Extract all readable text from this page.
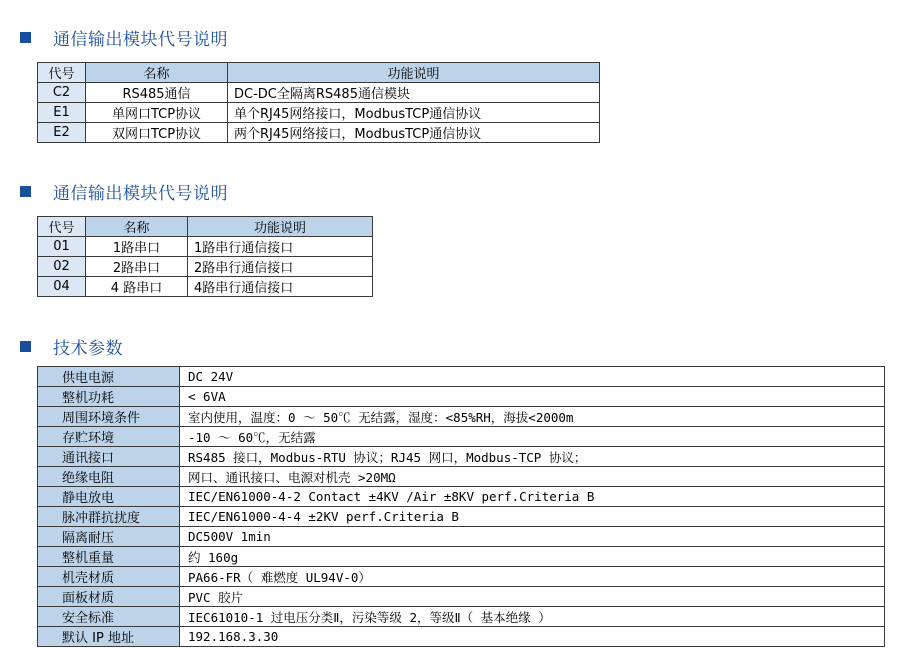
通信输出模块代号说明
代号	名称	功能说明
C2	RS485通信	DC-DC全隔离RS485通信模块
E1	单网口TCP协议	单个RJ45网络接口，ModbusTCP通信协议
E2	双网口TCP协议	两个RJ45网络接口，ModbusTCP通信协议
通信输出模块代号说明
代号	名称	功能说明
01	1路串口	1路串行通信接口
02	2路串口	2路串行通信接口
04	4 路串口	4路串行通信接口
技术参数
供电电源	DC 24V
整机功耗	< 6VA
周围环境条件	室内使用，温度：0 ～ 50℃ 无结露，湿度：<85%RH，海拔<2000m
存贮环境	-10 ～ 60℃，无结露
通讯接口	RS485 接口，Modbus-RTU 协议；RJ45 网口，Modbus-TCP 协议；
绝缘电阻	网口、通讯接口、电源对机壳 >20MΩ
静电放电	IEC/EN61000-4-2 Contact ±4KV /Air ±8KV perf.Criteria B
脉冲群抗扰度	IEC/EN61000-4-4 ±2KV perf.Criteria B
隔离耐压	DC500V 1min
整机重量	约 160g
机壳材质	PA66-FR（ 难燃度 UL94V-0）
面板材质	PVC 胶片
安全标准	IEC61010-1 过电压分类Ⅱ，污染等级 2，等级Ⅱ（ 基本绝缘 ）
默认 IP 地址	192.168.3.30
